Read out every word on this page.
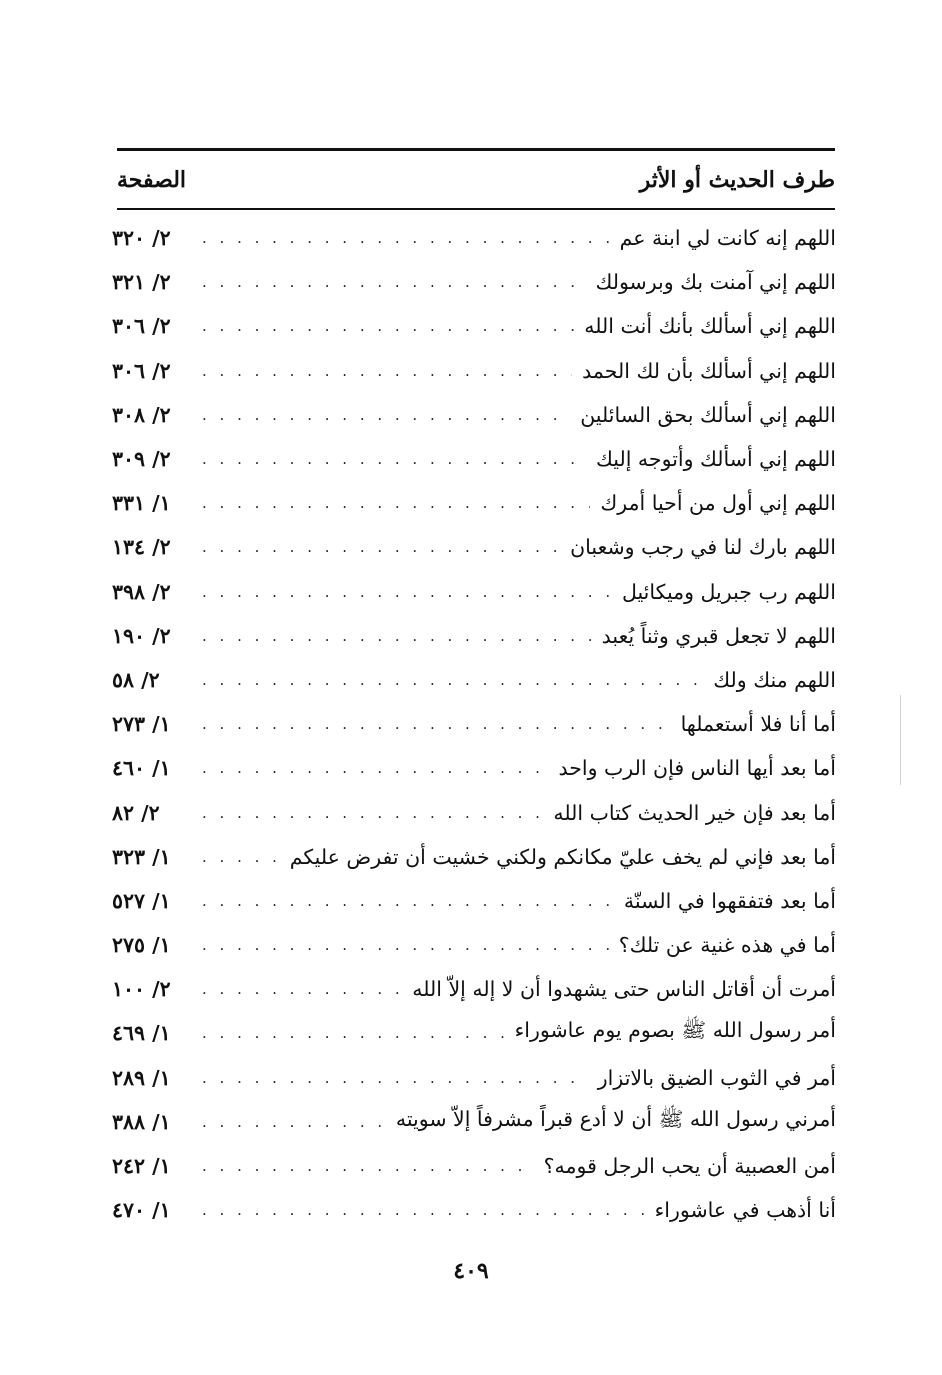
طرف الحديث أو الأثر
الصفحة
اللهم إنه كانت لي ابنة عم
. . .
٢/ ٣٢٠
اللهم إني آمنت بك وبرسولك
. . .
٢/ ٣٢١
اللهم إني أسألك بأنك أنت الله
. . .
٢/ ٣٠٦
اللهم إني أسألك بأن لك الحمد
. . .
٢/ ٣٠٦
اللهم إني أسألك بحق السائلين
. . .
٢/ ٣٠٨
اللهم إني أسألك وأتوجه إليك
. . .
٢/ ٣٠٩
اللهم إني أول من أحيا أمرك
. . .
١/ ٣٣١
اللهم بارك لنا في رجب وشعبان
. . .
٢/ ١٣٤
اللهم رب جبريل وميكائيل
. . .
٢/ ٣٩٨
اللهم لا تجعل قبري وثناً يُعبد
. . .
٢/ ١٩٠
اللهم منك ولك
. . .
٢/ ٥٨
أما أنا فلا أستعملها
. . .
١/ ٢٧٣
أما بعد أيها الناس فإن الرب واحد
. . .
١/ ٤٦٠
أما بعد فإن خير الحديث كتاب الله
. . .
٢/ ٨٢
أما بعد فإني لم يخف عليّ مكانكم ولكني خشيت أن تفرض عليكم
. . .
١/ ٣٢٣
أما بعد فتفقهوا في السنّة
. . .
١/ ٥٢٧
أما في هذه غنية عن تلك؟
. . .
١/ ٢٧٥
أمرت أن أقاتل الناس حتى يشهدوا أن لا إله إلاّ الله
. . .
٢/ ١٠٠
أمر رسول الله ﷺ بصوم يوم عاشوراء
. . .
١/ ٤٦٩
أمر في الثوب الضيق بالاتزار
. . .
١/ ٢٨٩
أمرني رسول الله ﷺ أن لا أدع قبراً مشرفاً إلاّ سويته
. . .
١/ ٣٨٨
أمن العصبية أن يحب الرجل قومه؟
. . .
١/ ٢٤٢
أنا أذهب في عاشوراء
. . .
١/ ٤٧٠
٤٠٩
